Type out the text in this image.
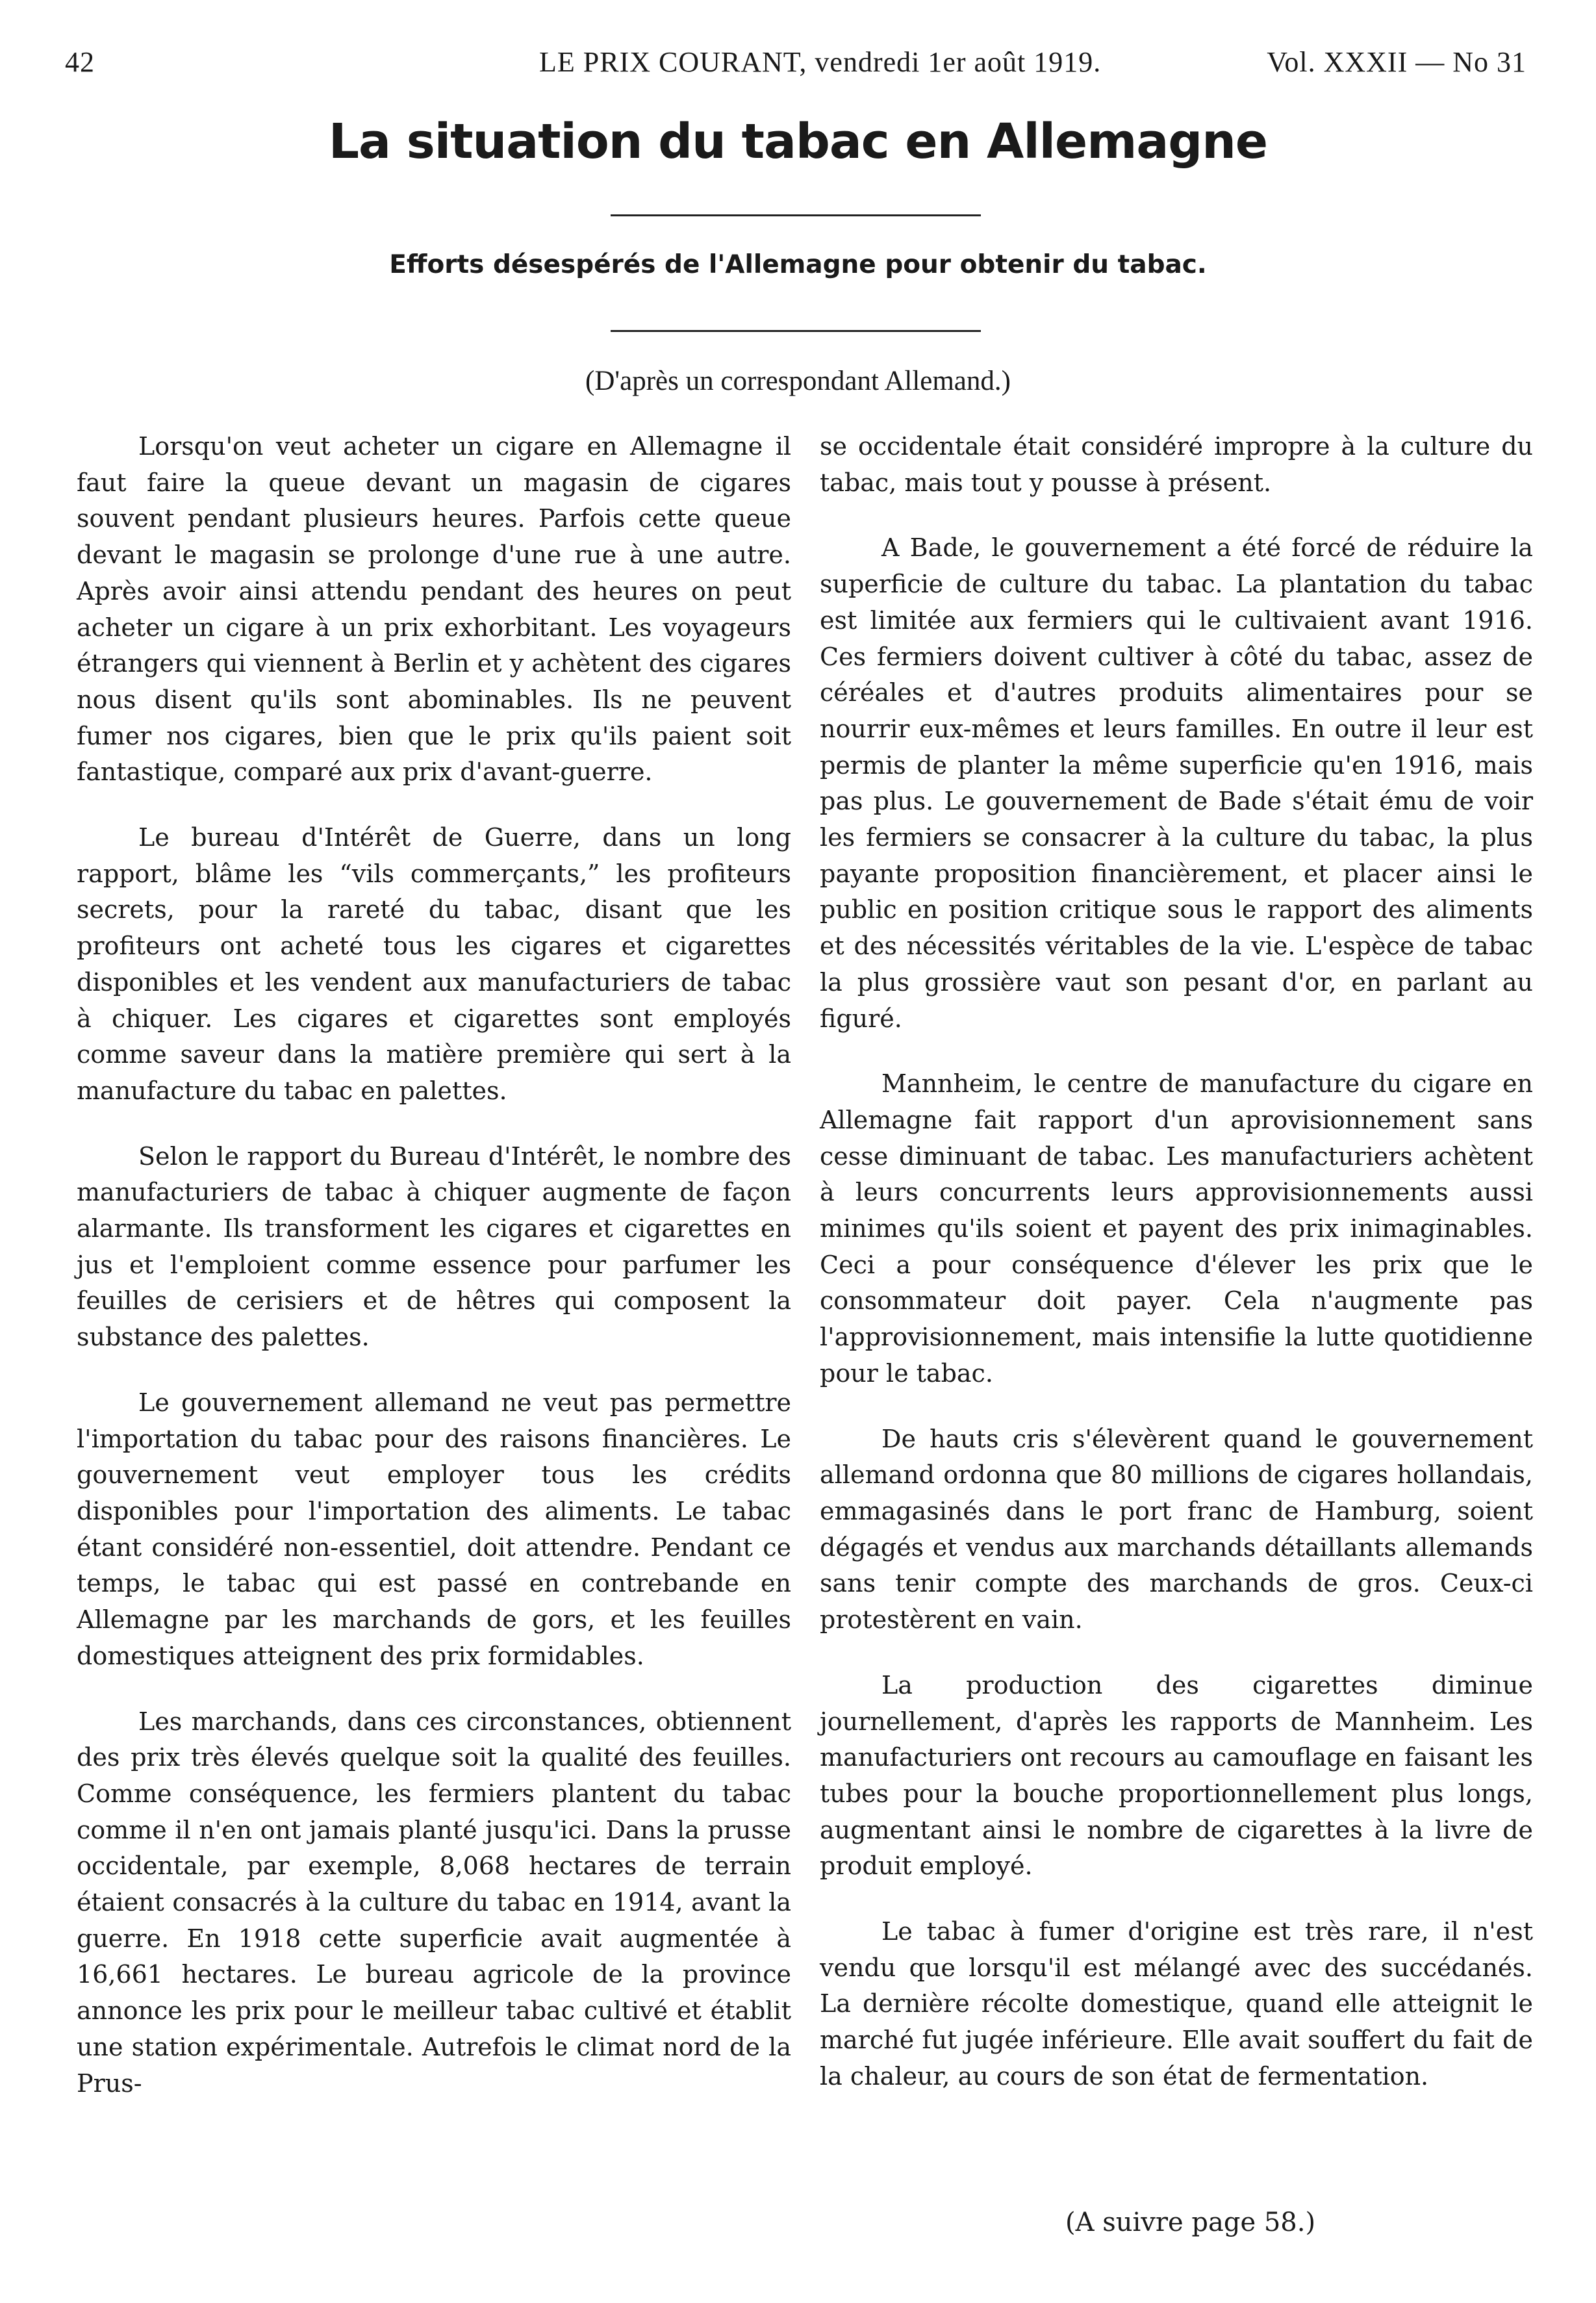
42	LE PRIX COURANT, vendredi 1er août 1919.	Vol. XXXII — No 31
La situation du tabac en Allemagne
Efforts désespérés de l'Allemagne pour obtenir du tabac.
(D'après un correspondant Allemand.)

Lorsqu'on veut acheter un cigare en Allemagne il faut faire la queue devant un magasin de cigares souvent pendant plusieurs heures. Parfois cette queue devant le magasin se prolonge d'une rue à une autre. Après avoir ainsi attendu pendant des heures on peut acheter un cigare à un prix exhorbitant. Les voyageurs étrangers qui viennent à Berlin et y achètent des cigares nous disent qu'ils sont abominables. Ils ne peuvent fumer nos cigares, bien que le prix qu'ils paient soit fantastique, comparé aux prix d'avant-guerre.

Le bureau d'Intérêt de Guerre, dans un long rapport, blâme les “vils commerçants,” les profiteurs secrets, pour la rareté du tabac, disant que les profiteurs ont acheté tous les cigares et cigarettes disponibles et les vendent aux manufacturiers de tabac à chiquer. Les cigares et cigarettes sont employés comme saveur dans la matière première qui sert à la manufacture du tabac en palettes.

Selon le rapport du Bureau d'Intérêt, le nombre des manufacturiers de tabac à chiquer augmente de façon alarmante. Ils transforment les cigares et cigarettes en jus et l'emploient comme essence pour parfumer les feuilles de cerisiers et de hêtres qui composent la substance des palettes.

Le gouvernement allemand ne veut pas permettre l'importation du tabac pour des raisons financières. Le gouvernement veut employer tous les crédits disponibles pour l'importation des aliments. Le tabac étant considéré non-essentiel, doit attendre. Pendant ce temps, le tabac qui est passé en contrebande en Allemagne par les marchands de gors, et les feuilles domestiques atteignent des prix formidables.

Les marchands, dans ces circonstances, obtiennent des prix très élevés quelque soit la qualité des feuilles. Comme conséquence, les fermiers plantent du tabac comme il n'en ont jamais planté jusqu'ici. Dans la prusse occidentale, par exemple, 8,068 hectares de terrain étaient consacrés à la culture du tabac en 1914, avant la guerre. En 1918 cette superficie avait augmentée à 16,661 hectares. Le bureau agricole de la province annonce les prix pour le meilleur tabac cultivé et établit une station expérimentale. Autrefois le climat nord de la Prus-

se occidentale était considéré impropre à la culture du tabac, mais tout y pousse à présent.

A Bade, le gouvernement a été forcé de réduire la superficie de culture du tabac. La plantation du tabac est limitée aux fermiers qui le cultivaient avant 1916. Ces fermiers doivent cultiver à côté du tabac, assez de céréales et d'autres produits alimentaires pour se nourrir eux-mêmes et leurs familles. En outre il leur est permis de planter la même superficie qu'en 1916, mais pas plus. Le gouvernement de Bade s'était ému de voir les fermiers se consacrer à la culture du tabac, la plus payante proposition financièrement, et placer ainsi le public en position critique sous le rapport des aliments et des nécessités véritables de la vie. L'espèce de tabac la plus grossière vaut son pesant d'or, en parlant au figuré.

Mannheim, le centre de manufacture du cigare en Allemagne fait rapport d'un aprovisionnement sans cesse diminuant de tabac. Les manufacturiers achètent à leurs concurrents leurs approvisionnements aussi minimes qu'ils soient et payent des prix inimaginables. Ceci a pour conséquence d'élever les prix que le consommateur doit payer. Cela n'augmente pas l'approvisionnement, mais intensifie la lutte quotidienne pour le tabac.

De hauts cris s'élevèrent quand le gouvernement allemand ordonna que 80 millions de cigares hollandais, emmagasinés dans le port franc de Hamburg, soient dégagés et vendus aux marchands détaillants allemands sans tenir compte des marchands de gros. Ceux-ci protestèrent en vain.

La production des cigarettes diminue journellement, d'après les rapports de Mannheim. Les manufacturiers ont recours au camouflage en faisant les tubes pour la bouche proportionnellement plus longs, augmentant ainsi le nombre de cigarettes à la livre de produit employé.

Le tabac à fumer d'origine est très rare, il n'est vendu que lorsqu'il est mélangé avec des succédanés. La dernière récolte domestique, quand elle atteignit le marché fut jugée inférieure. Elle avait souffert du fait de la chaleur, au cours de son état de fermentation.

(A suivre page 58.)
